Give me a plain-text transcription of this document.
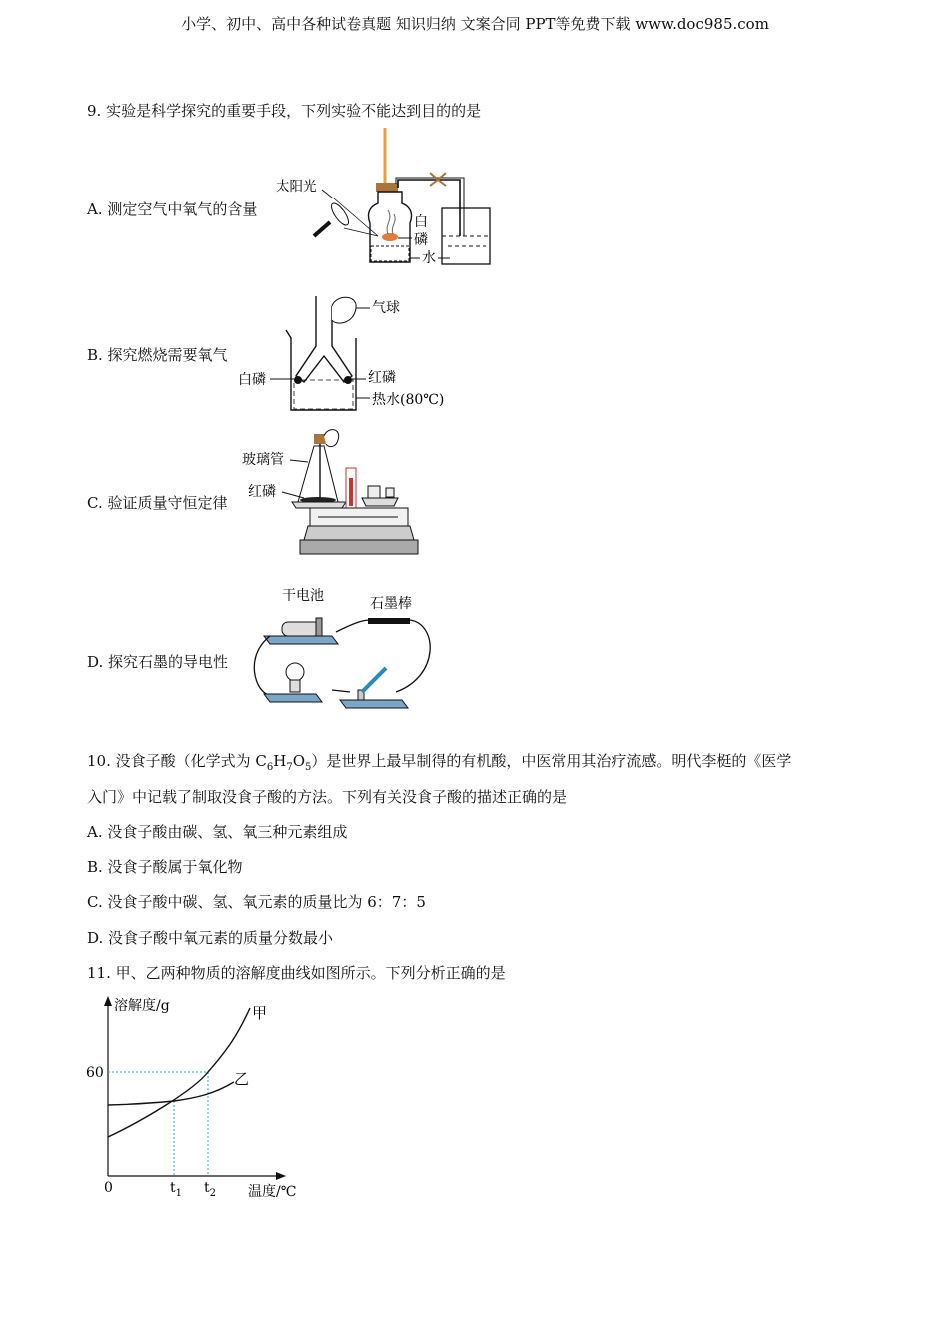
小学、初中、高中各种试卷真题 知识归纳 文案合同 PPT等免费下载 www.doc985.com
9. 实验是科学探究的重要手段，下列实验不能达到目的的是
A. 测定空气中氧气的含量
B. 探究燃烧需要氧气
C. 验证质量守恒定律
D. 探究石墨的导电性
太阳光
白
磷
水
气球
白磷	红磷
热水(80℃)
玻璃管
红磷
干电池	石墨棒
10. 没食子酸（化学式为 $C_6H_7O_5$）是世界上最早制得的有机酸，中医常用其治疗流感。明代李梃的《医学
入门》中记载了制取没食子酸的方法。下列有关没食子酸的描述正确的是
A. 没食子酸由碳、氢、氧三种元素组成
B. 没食子酸属于氧化物
C. 没食子酸中碳、氢、氧元素的质量比为 6：7：5
D. 没食子酸中氧元素的质量分数最小
11. 甲、乙两种物质的溶解度曲线如图所示。下列分析正确的是
溶解度/g
温度/℃
0
60
$t_1$ $t_2$
甲
乙
